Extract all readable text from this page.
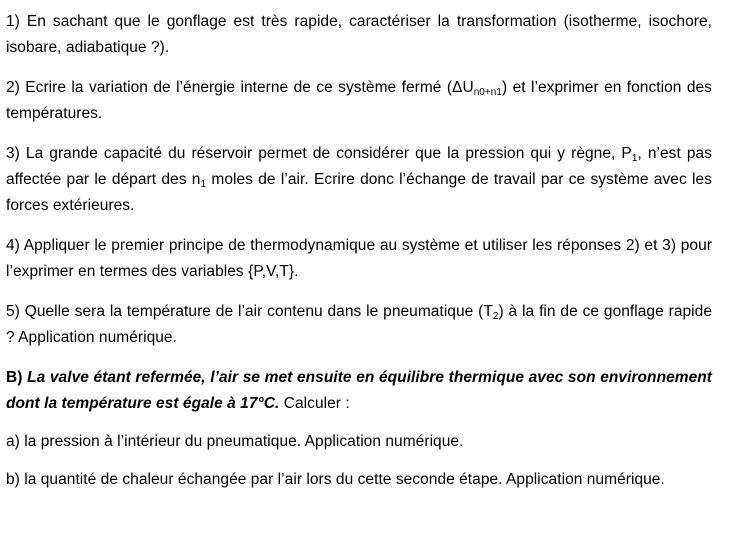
1) En sachant que le gonflage est très rapide, caractériser la transformation (isotherme, isochore, isobare, adiabatique ?).

2) Ecrire la variation de l’énergie interne de ce système fermé $(\Delta U_{n0+n1})$ et l’exprimer en fonction des températures.

3) La grande capacité du réservoir permet de considérer que la pression qui y règne, $P_1$, n’est pas affectée par le départ des $n_1$ moles de l’air. Ecrire donc l’échange de travail par ce système avec les forces extérieures.

4) Appliquer le premier principe de thermodynamique au système et utiliser les réponses 2) et 3) pour l’exprimer en termes des variables {P,V,T}.

5) Quelle sera la température de l’air contenu dans le pneumatique $(T_2)$ à la fin de ce gonflage rapide ? Application numérique.

B) La valve étant refermée, l’air se met ensuite en équilibre thermique avec son environnement dont la température est égale à 17°C. Calculer :

a) la pression à l’intérieur du pneumatique. Application numérique.

b) la quantité de chaleur échangée par l’air lors du cette seconde étape. Application numérique.
